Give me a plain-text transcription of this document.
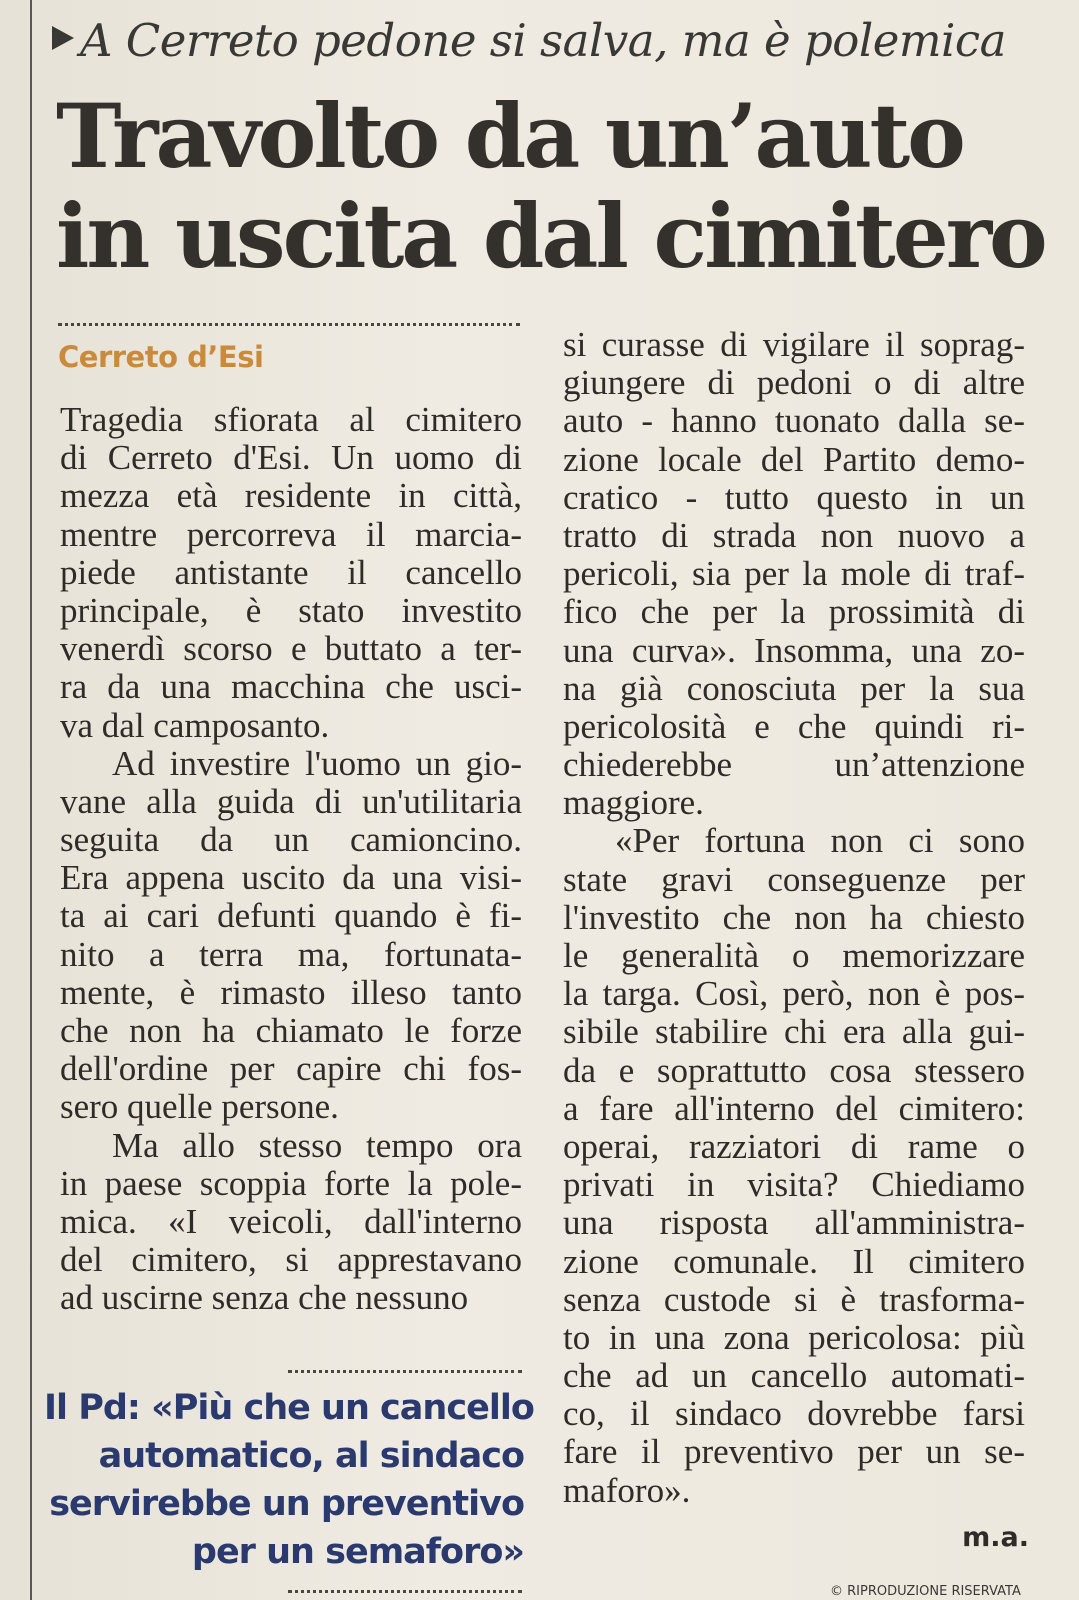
A Cerreto pedone si salva, ma è polemica
Travolto da un’auto
in uscita dal cimitero
Cerreto d’Esi
Tragedia sfiorata al cimitero
di Cerreto d'Esi. Un uomo di
mezza età residente in città,
mentre percorreva il marcia-
piede antistante il cancello
principale, è stato investito
venerdì scorso e buttato a ter-
ra da una macchina che usci-
va dal camposanto.
Ad investire l'uomo un gio-
vane alla guida di un'utilitaria
seguita da un camioncino.
Era appena uscito da una visi-
ta ai cari defunti quando è fi-
nito a terra ma, fortunata-
mente, è rimasto illeso tanto
che non ha chiamato le forze
dell'ordine per capire chi fos-
sero quelle persone.
Ma allo stesso tempo ora
in paese scoppia forte la pole-
mica. «I veicoli, dall'interno
del cimitero, si apprestavano
ad uscirne senza che nessuno
si curasse di vigilare il soprag-
giungere di pedoni o di altre
auto - hanno tuonato dalla se-
zione locale del Partito demo-
cratico - tutto questo in un
tratto di strada non nuovo a
pericoli, sia per la mole di traf-
fico che per la prossimità di
una curva». Insomma, una zo-
na già conosciuta per la sua
pericolosità e che quindi ri-
chiederebbe un’attenzione
maggiore.
«Per fortuna non ci sono
state gravi conseguenze per
l'investito che non ha chiesto
le generalità o memorizzare
la targa. Così, però, non è pos-
sibile stabilire chi era alla gui-
da e soprattutto cosa stessero
a fare all'interno del cimitero:
operai, razziatori di rame o
privati in visita? Chiediamo
una risposta all'amministra-
zione comunale. Il cimitero
senza custode si è trasforma-
to in una zona pericolosa: più
che ad un cancello automati-
co, il sindaco dovrebbe farsi
fare il preventivo per un se-
maforo».
Il Pd: «Più che un cancello
automatico, al sindaco
servirebbe un preventivo
per un semaforo»	m.a.
© RIPRODUZIONE RISERVATA
